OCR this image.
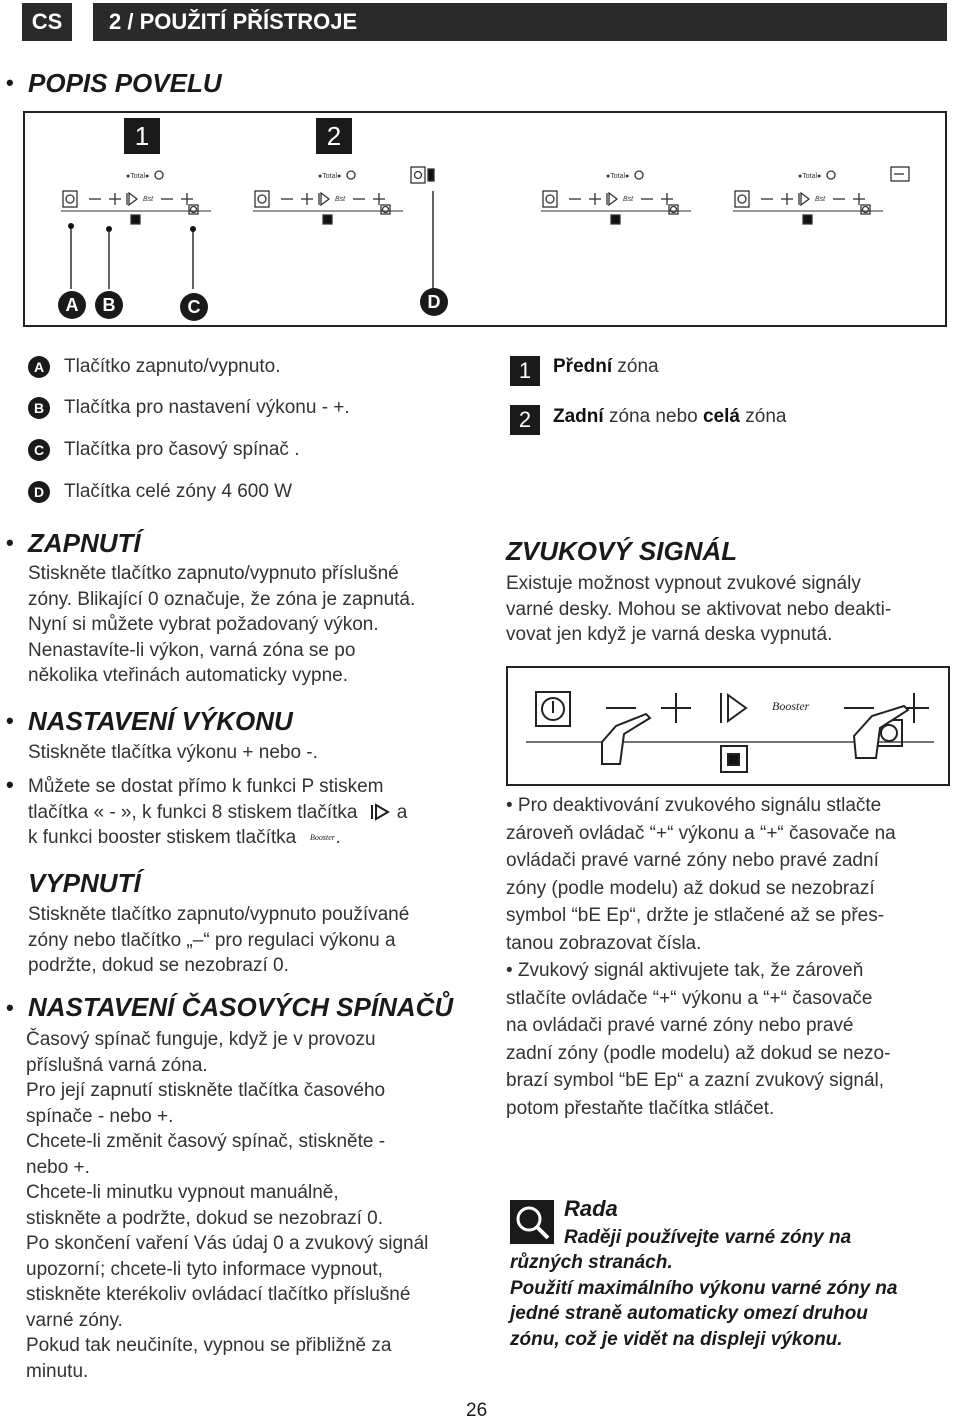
CS	2 / POUŽITÍ PŘÍSTROJE
• POPIS POVELU
1	2
●Total●
Bst
●Total●
Bst
●Total●
Bst
●Total●
Bst
A	B	C	D
A	Tlačítko zapnuto/vypnuto.
B	Tlačítka pro nastavení výkonu - +.
C	Tlačítka pro časový spínač .
D	Tlačítka celé zóny 4 600 W
1	Přední zóna
2	Zadní zóna nebo celá zóna
• ZAPNUTÍ
Stiskněte tlačítko zapnuto/vypnuto příslušné
zóny. Blikající 0 označuje, že zóna je zapnutá.
Nyní si můžete vybrat požadovaný výkon.
Nenastavíte-li výkon, varná zóna se po
několika vteřinách automaticky vypne.
• NASTAVENÍ VÝKONU
Stiskněte tlačítka výkonu + nebo -.
• Můžete se dostat přímo k funkci P stiskem
tlačítka « - », k funkci 8 stiskem tlačítka a
k funkci booster stiskem tlačítka Booster .
VYPNUTÍ
Stiskněte tlačítko zapnuto/vypnuto používané
zóny nebo tlačítko „–“ pro regulaci výkonu a
podržte, dokud se nezobrazí 0.
• NASTAVENÍ ČASOVÝCH SPÍNAČŮ
Časový spínač funguje, když je v provozu
příslušná varná zóna.
Pro její zapnutí stiskněte tlačítka časového
spínače - nebo +.
Chcete-li změnit časový spínač, stiskněte -
nebo +.
Chcete-li minutku vypnout manuálně,
stiskněte a podržte, dokud se nezobrazí 0.
Po skončení vaření Vás údaj 0 a zvukový signál
upozorní; chcete-li tyto informace vypnout,
stiskněte kterékoliv ovládací tlačítko příslušné
varné zóny.
Pokud tak neučiníte, vypnou se přibližně za
minutu.
ZVUKOVÝ SIGNÁL
Existuje možnost vypnout zvukové signály
varné desky. Mohou se aktivovat nebo deakti-
vovat jen když je varná deska vypnutá.
Booster
• Pro deaktivování zvukového signálu stlačte
zároveň ovládač “+“ výkonu a “+“ časovače na
ovládači pravé varné zóny nebo pravé zadní
zóny (podle modelu) až dokud se nezobrazí
symbol “bE Ep“, držte je stlačené až se přes-
tanou zobrazovat čísla.
• Zvukový signál aktivujete tak, že zároveň
stlačíte ovládače “+“ výkonu a “+“ časovače
na ovládači pravé varné zóny nebo pravé
zadní zóny (podle modelu) až dokud se nezo-
brazí symbol “bE Ep“ a zazní zvukový signál,
potom přestaňte tlačítka stláčet.
Rada
Raději používejte varné zóny na
různých stranách.
Použití maximálního výkonu varné zóny na
jedné straně automaticky omezí druhou
zónu, což je vidět na displeji výkonu.
26
